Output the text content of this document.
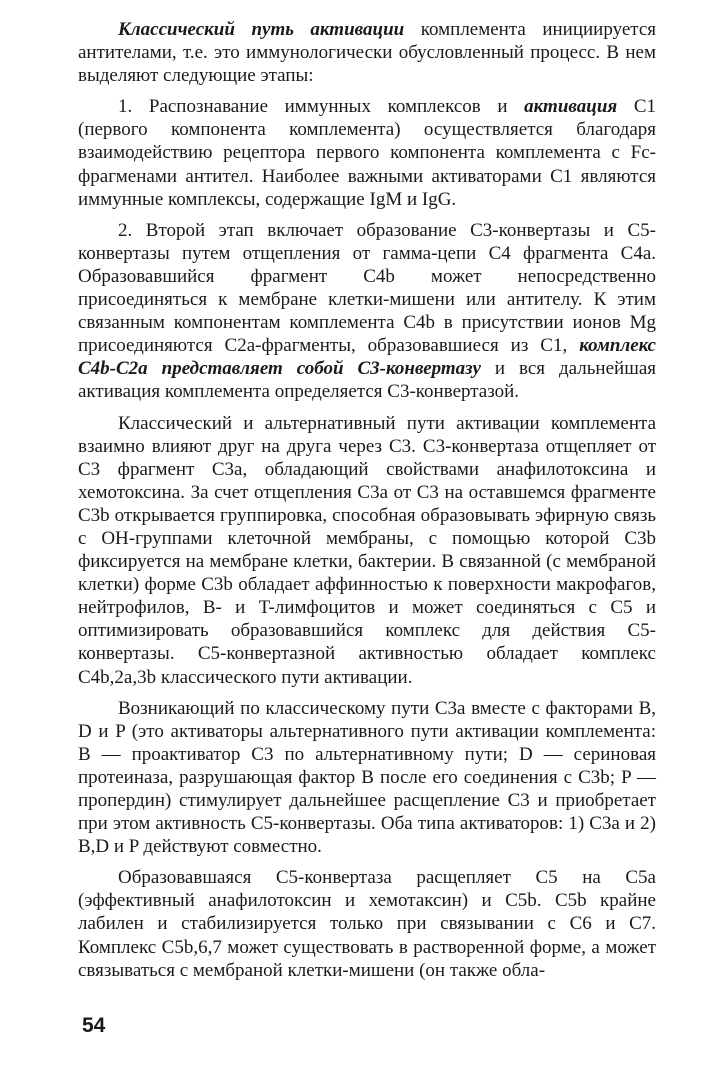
Классический путь активации комплемента инициируется антителами, т.е. это иммунологически обусловленный процесс. В нем выделяют следующие этапы:

1. Распознавание иммунных комплексов и активация C1 (первого компонента комплемента) осуществляется благодаря взаимодействию рецептора первого компонента комплемента с Fc-фрагменами антител. Наиболее важными активаторами C1 являются иммунные комплексы, содержащие IgM и IgG.

2. Второй этап включает образование C3-конвертазы и C5-конвертазы путем отщепления от гамма-цепи C4 фрагмента C4a. Образовавшийся фрагмент C4b может непосредственно присоединяться к мембране клетки-мишени или антителу. К этим связанным компонентам комплемента C4b в присутствии ионов Mg присоединяются C2a-фрагменты, образовавшиеся из C1, комплекс C4b-C2a представляет собой C3-конвертазу и вся дальнейшая активация комплемента определяется C3-конвертазой.

Классический и альтернативный пути активации комплемента взаимно влияют друг на друга через C3. C3-конвертаза отщепляет от C3 фрагмент C3a, обладающий свойствами анафилотоксина и хемотоксина. За счет отщепления C3a от C3 на оставшемся фрагменте C3b открывается группировка, способная образовывать эфирную связь с OH-группами клеточной мембраны, с помощью которой C3b фиксируется на мембране клетки, бактерии. В связанной (с мембраной клетки) форме C3b обладает аффинностью к поверхности макрофагов, нейтрофилов, B- и T-лимфоцитов и может соединяться с C5 и оптимизировать образовавшийся комплекс для действия C5-конвертазы. C5-конвертазной активностью обладает комплекс C4b,2a,3b классического пути активации.

Возникающий по классическому пути C3a вместе с факторами B, D и P (это активаторы альтернативного пути активации комплемента: B — проактиватор C3 по альтернативному пути; D — сериновая протеиназа, разрушающая фактор B после его соединения с C3b; P — пропердин) стимулирует дальнейшее расщепление C3 и приобретает при этом активность C5-конвертазы. Оба типа активаторов: 1) C3a и 2) B,D и P действуют совместно.

Образовавшаяся C5-конвертаза расщепляет C5 на C5a (эффективный анафилотоксин и хемотаксин) и C5b. C5b крайне лабилен и стабилизируется только при связывании с C6 и C7. Комплекс C5b,6,7 может существовать в растворенной форме, а может связываться с мембраной клетки-мишени (он также обла-

54
